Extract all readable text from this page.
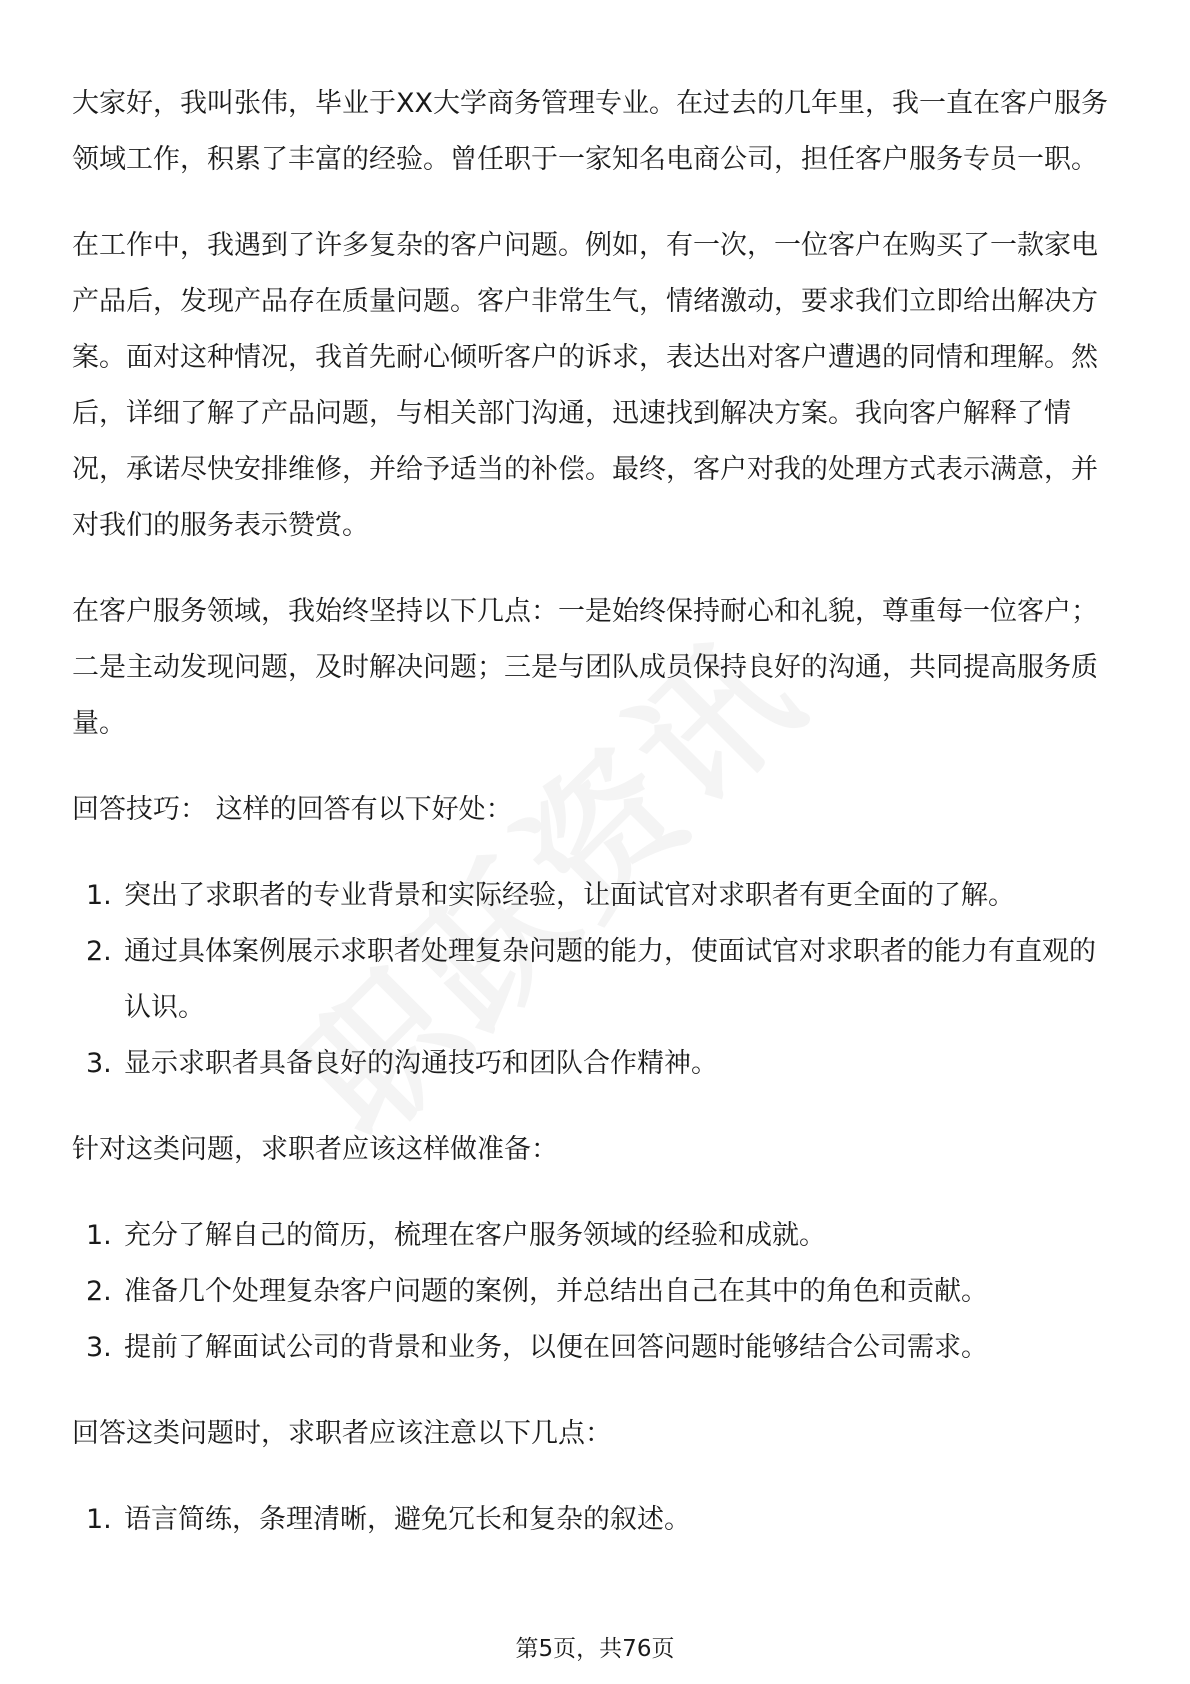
大家好，我叫张伟，毕业于XX大学商务管理专业。在过去的几年里，我一直在客户服务领域工作，积累了丰富的经验。曾任职于一家知名电商公司，担任客户服务专员一职。

在工作中，我遇到了许多复杂的客户问题。例如，有一次，一位客户在购买了一款家电产品后，发现产品存在质量问题。客户非常生气，情绪激动，要求我们立即给出解决方案。面对这种情况，我首先耐心倾听客户的诉求，表达出对客户遭遇的同情和理解。然后，详细了解了产品问题，与相关部门沟通，迅速找到解决方案。我向客户解释了情况，承诺尽快安排维修，并给予适当的补偿。最终，客户对我的处理方式表示满意，并对我们的服务表示赞赏。

在客户服务领域，我始终坚持以下几点：一是始终保持耐心和礼貌，尊重每一位客户；二是主动发现问题，及时解决问题；三是与团队成员保持良好的沟通，共同提高服务质量。

回答技巧： 这样的回答有以下好处：

1. 突出了求职者的专业背景和实际经验，让面试官对求职者有更全面的了解。
2. 通过具体案例展示求职者处理复杂问题的能力，使面试官对求职者的能力有直观的认识。
3. 显示求职者具备良好的沟通技巧和团队合作精神。

针对这类问题，求职者应该这样做准备：

1. 充分了解自己的简历，梳理在客户服务领域的经验和成就。
2. 准备几个处理复杂客户问题的案例，并总结出自己在其中的角色和贡献。
3. 提前了解面试公司的背景和业务，以便在回答问题时能够结合公司需求。

回答这类问题时，求职者应该注意以下几点：

1. 语言简练，条理清晰，避免冗长和复杂的叙述。
第5页，共76页
